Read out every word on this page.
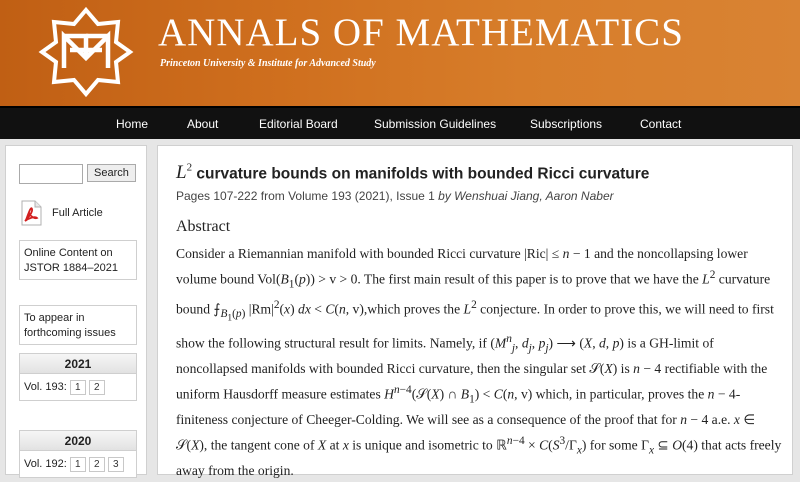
ANNALS OF MATHEMATICS
Princeton University & Institute for Advanced Study
Home	About	Editorial Board	Submission Guidelines	Subscriptions	Contact
Search
Full Article
Online Content on JSTOR 1884–2021
To appear in forthcoming issues
2021
Vol. 193: 1	2
2020
Vol. 192: 1	2	3
$L^2$ curvature bounds on manifolds with bounded Ricci curvature
Pages 107-222 from Volume 193 (2021), Issue 1 by Wenshuai Jiang, Aaron Naber
Abstract
Consider a Riemannian manifold with bounded Ricci curvature |Ric| ≤ n − 1 and the noncollapsing lower volume bound $Vol(B_1(p)) > v > 0$. The first main result of this paper is to prove that we have the $L^2$ curvature bound $⨍_{B_1(p)}$ $|Rm|^2(x)$ dx < C(n, v),which proves the $L^2$ conjecture. In order to prove this, we will need to first show the following structural result for limits. Namely, if ($M^n_j$, $d_j$, $p_j$) ⟶ (X, d, p) is a GH-limit of noncollapsed manifolds with bounded Ricci curvature, then the singular set 𝒮(X) is n − 4 rectifiable with the uniform Hausdorff measure estimates $H^{n-4}(𝒮(X)$ ∩ $B_1) < C(n$, v) which, in particular, proves the n − 4-finiteness conjecture of Cheeger-Colding. We will see as a consequence of the proof that for n − 4 a.e. x ∈ 𝒮(X), the tangent cone of X at x is unique and isometric to ℝ$^{n-4}$ × $C(S^3/\Gamma_x)$ for some $\Gamma_x$ ⊆ O(4) that acts freely away from the origin.
